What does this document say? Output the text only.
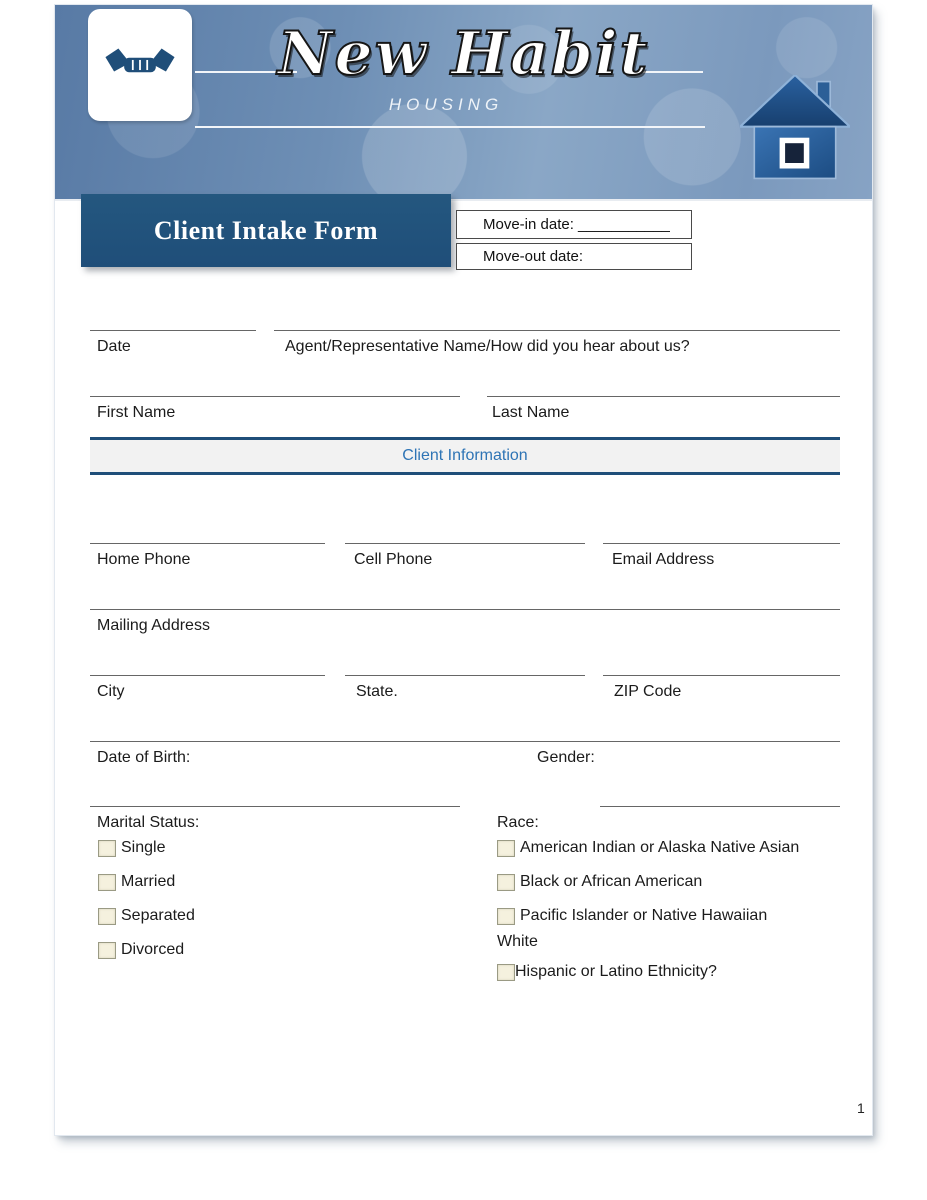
New Habit
HOUSING
Client Intake Form	Move-in date: ___________
Move-out date:
Date	Agent/Representative Name/How did you hear about us?
First Name	Last Name
Client Information
Home Phone	Cell Phone	Email Address
Mailing Address
City	State.	ZIP Code
Date of Birth:	Gender:
Marital Status:	Race:
Single
Married
Separated
Divorced
American Indian or Alaska Native Asian
Black or African American
Pacific Islander or Native Hawaiian
White
Hispanic or Latino Ethnicity?
1
